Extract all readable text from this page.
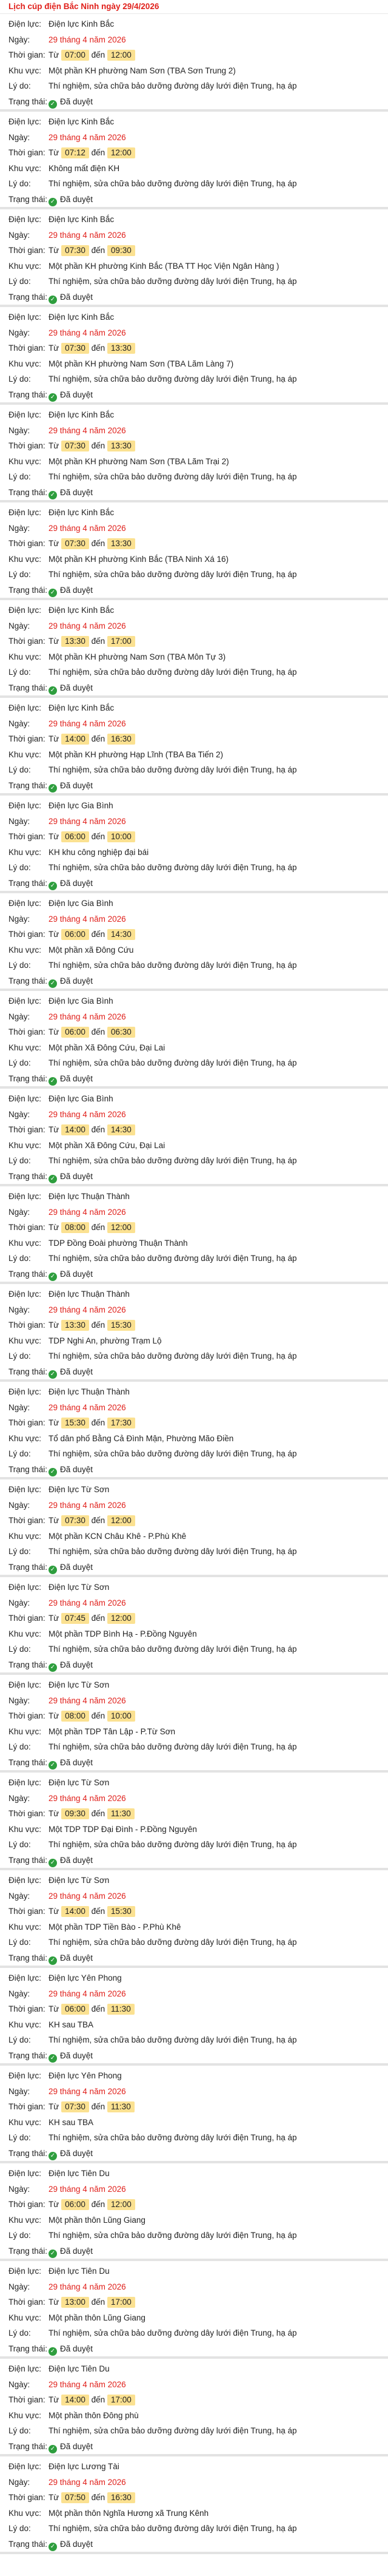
Lịch cúp điện Bắc Ninh ngày 29/4/2026
Điện lực: Điện lực Kinh Bắc
Ngày: 29 tháng 4 năm 2026
Thời gian: Từ 07:00 đến 12:00
Khu vực: Một phần KH phường Nam Sơn (TBA Sơn Trung 2)
Lý do: Thí nghiệm, sửa chữa bảo dưỡng đường dây lưới điện Trung, hạ áp
Trạng thái: ✓ Đã duyệt
Điện lực: Điện lực Kinh Bắc
Ngày: 29 tháng 4 năm 2026
Thời gian: Từ 07:12 đến 12:00
Khu vực: Không mất điện KH
Lý do: Thí nghiệm, sửa chữa bảo dưỡng đường dây lưới điện Trung, hạ áp
Trạng thái: ✓ Đã duyệt
Điện lực: Điện lực Kinh Bắc
Ngày: 29 tháng 4 năm 2026
Thời gian: Từ 07:30 đến 09:30
Khu vực: Một phần KH phường Kinh Bắc (TBA TT Học Viện Ngân Hàng )
Lý do: Thí nghiệm, sửa chữa bảo dưỡng đường dây lưới điện Trung, hạ áp
Trạng thái: ✓ Đã duyệt
Điện lực: Điện lực Kinh Bắc
Ngày: 29 tháng 4 năm 2026
Thời gian: Từ 07:30 đến 13:30
Khu vực: Một phần KH phường Nam Sơn (TBA Lãm Làng 7)
Lý do: Thí nghiệm, sửa chữa bảo dưỡng đường dây lưới điện Trung, hạ áp
Trạng thái: ✓ Đã duyệt
Điện lực: Điện lực Kinh Bắc
Ngày: 29 tháng 4 năm 2026
Thời gian: Từ 07:30 đến 13:30
Khu vực: Một phần KH phường Nam Sơn (TBA Lãm Trại 2)
Lý do: Thí nghiệm, sửa chữa bảo dưỡng đường dây lưới điện Trung, hạ áp
Trạng thái: ✓ Đã duyệt
Điện lực: Điện lực Kinh Bắc
Ngày: 29 tháng 4 năm 2026
Thời gian: Từ 07:30 đến 13:30
Khu vực: Một phần KH phường Kinh Bắc (TBA Ninh Xá 16)
Lý do: Thí nghiệm, sửa chữa bảo dưỡng đường dây lưới điện Trung, hạ áp
Trạng thái: ✓ Đã duyệt
Điện lực: Điện lực Kinh Bắc
Ngày: 29 tháng 4 năm 2026
Thời gian: Từ 13:30 đến 17:00
Khu vực: Một phần KH phường Nam Sơn (TBA Môn Tự 3)
Lý do: Thí nghiệm, sửa chữa bảo dưỡng đường dây lưới điện Trung, hạ áp
Trạng thái: ✓ Đã duyệt
Điện lực: Điện lực Kinh Bắc
Ngày: 29 tháng 4 năm 2026
Thời gian: Từ 14:00 đến 16:30
Khu vực: Một phần KH phường Hạp Lĩnh (TBA Ba Tiến 2)
Lý do: Thí nghiệm, sửa chữa bảo dưỡng đường dây lưới điện Trung, hạ áp
Trạng thái: ✓ Đã duyệt
Điện lực: Điện lực Gia Bình
Ngày: 29 tháng 4 năm 2026
Thời gian: Từ 06:00 đến 10:00
Khu vực: KH khu công nghiệp đại bái
Lý do: Thí nghiệm, sửa chữa bảo dưỡng đường dây lưới điện Trung, hạ áp
Trạng thái: ✓ Đã duyệt
Điện lực: Điện lực Gia Bình
Ngày: 29 tháng 4 năm 2026
Thời gian: Từ 06:00 đến 14:30
Khu vực: Một phần xã Đông Cứu
Lý do: Thí nghiệm, sửa chữa bảo dưỡng đường dây lưới điện Trung, hạ áp
Trạng thái: ✓ Đã duyệt
Điện lực: Điện lực Gia Bình
Ngày: 29 tháng 4 năm 2026
Thời gian: Từ 06:00 đến 06:30
Khu vực: Một phần Xã Đông Cứu, Đại Lai
Lý do: Thí nghiệm, sửa chữa bảo dưỡng đường dây lưới điện Trung, hạ áp
Trạng thái: ✓ Đã duyệt
Điện lực: Điện lực Gia Bình
Ngày: 29 tháng 4 năm 2026
Thời gian: Từ 14:00 đến 14:30
Khu vực: Một phần Xã Đông Cứu, Đại Lai
Lý do: Thí nghiệm, sửa chữa bảo dưỡng đường dây lưới điện Trung, hạ áp
Trạng thái: ✓ Đã duyệt
Điện lực: Điện lực Thuận Thành
Ngày: 29 tháng 4 năm 2026
Thời gian: Từ 08:00 đến 12:00
Khu vực: TDP Đồng Đoài phường Thuận Thành
Lý do: Thí nghiệm, sửa chữa bảo dưỡng đường dây lưới điện Trung, hạ áp
Trạng thái: ✓ Đã duyệt
Điện lực: Điện lực Thuận Thành
Ngày: 29 tháng 4 năm 2026
Thời gian: Từ 13:30 đến 15:30
Khu vực: TDP Nghi An, phường Trạm Lộ
Lý do: Thí nghiệm, sửa chữa bảo dưỡng đường dây lưới điện Trung, hạ áp
Trạng thái: ✓ Đã duyệt
Điện lực: Điện lực Thuận Thành
Ngày: 29 tháng 4 năm 2026
Thời gian: Từ 15:30 đến 17:30
Khu vực: Tổ dân phố Bằng Cả Đình Mận, Phường Mão Điền
Lý do: Thí nghiệm, sửa chữa bảo dưỡng đường dây lưới điện Trung, hạ áp
Trạng thái: ✓ Đã duyệt
Điện lực: Điện lực Từ Sơn
Ngày: 29 tháng 4 năm 2026
Thời gian: Từ 07:30 đến 12:00
Khu vực: Một phần KCN Châu Khê - P.Phù Khê
Lý do: Thí nghiệm, sửa chữa bảo dưỡng đường dây lưới điện Trung, hạ áp
Trạng thái: ✓ Đã duyệt
Điện lực: Điện lực Từ Sơn
Ngày: 29 tháng 4 năm 2026
Thời gian: Từ 07:45 đến 12:00
Khu vực: Một phần TDP Bình Hạ - P.Đồng Nguyên
Lý do: Thí nghiệm, sửa chữa bảo dưỡng đường dây lưới điện Trung, hạ áp
Trạng thái: ✓ Đã duyệt
Điện lực: Điện lực Từ Sơn
Ngày: 29 tháng 4 năm 2026
Thời gian: Từ 08:00 đến 10:00
Khu vực: Một phần TDP Tân Lập - P.Từ Sơn
Lý do: Thí nghiệm, sửa chữa bảo dưỡng đường dây lưới điện Trung, hạ áp
Trạng thái: ✓ Đã duyệt
Điện lực: Điện lực Từ Sơn
Ngày: 29 tháng 4 năm 2026
Thời gian: Từ 09:30 đến 11:30
Khu vực: Một TDP TDP Đại Đình - P.Đồng Nguyên
Lý do: Thí nghiệm, sửa chữa bảo dưỡng đường dây lưới điện Trung, hạ áp
Trạng thái: ✓ Đã duyệt
Điện lực: Điện lực Từ Sơn
Ngày: 29 tháng 4 năm 2026
Thời gian: Từ 14:00 đến 15:30
Khu vực: Một phần TDP Tiền Bào - P.Phù Khê
Lý do: Thí nghiệm, sửa chữa bảo dưỡng đường dây lưới điện Trung, hạ áp
Trạng thái: ✓ Đã duyệt
Điện lực: Điện lực Yên Phong
Ngày: 29 tháng 4 năm 2026
Thời gian: Từ 06:00 đến 11:30
Khu vực: KH sau TBA
Lý do: Thí nghiệm, sửa chữa bảo dưỡng đường dây lưới điện Trung, hạ áp
Trạng thái: ✓ Đã duyệt
Điện lực: Điện lực Yên Phong
Ngày: 29 tháng 4 năm 2026
Thời gian: Từ 07:30 đến 11:30
Khu vực: KH sau TBA
Lý do: Thí nghiệm, sửa chữa bảo dưỡng đường dây lưới điện Trung, hạ áp
Trạng thái: ✓ Đã duyệt
Điện lực: Điện lực Tiên Du
Ngày: 29 tháng 4 năm 2026
Thời gian: Từ 06:00 đến 12:00
Khu vực: Một phần thôn Lũng Giang
Lý do: Thí nghiệm, sửa chữa bảo dưỡng đường dây lưới điện Trung, hạ áp
Trạng thái: ✓ Đã duyệt
Điện lực: Điện lực Tiên Du
Ngày: 29 tháng 4 năm 2026
Thời gian: Từ 13:00 đến 17:00
Khu vực: Một phần thôn Lũng Giang
Lý do: Thí nghiệm, sửa chữa bảo dưỡng đường dây lưới điện Trung, hạ áp
Trạng thái: ✓ Đã duyệt
Điện lực: Điện lực Tiên Du
Ngày: 29 tháng 4 năm 2026
Thời gian: Từ 14:00 đến 17:00
Khu vực: Một phần thôn Đông phù
Lý do: Thí nghiệm, sửa chữa bảo dưỡng đường dây lưới điện Trung, hạ áp
Trạng thái: ✓ Đã duyệt
Điện lực: Điện lực Lương Tài
Ngày: 29 tháng 4 năm 2026
Thời gian: Từ 07:50 đến 16:30
Khu vực: Một phần thôn Nghĩa Hương xã Trung Kênh
Lý do: Thí nghiệm, sửa chữa bảo dưỡng đường dây lưới điện Trung, hạ áp
Trạng thái: ✓ Đã duyệt
